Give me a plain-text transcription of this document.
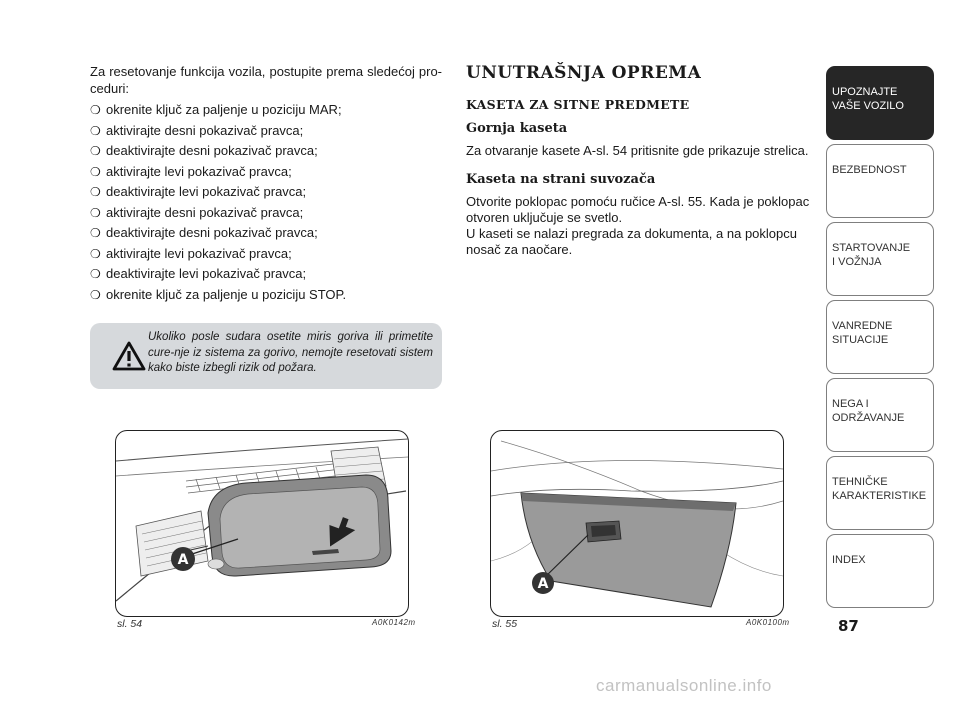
Za resetovanje funkcija vozila, postupite prema sledećoj pro-ceduri:

❍ okrenite ključ za paljenje u poziciju MAR;
❍ aktivirajte desni pokazivač pravca;
❍ deaktivirajte desni pokazivač pravca;
❍ aktivirajte levi pokazivač pravca;
❍ deaktivirajte levi pokazivač pravca;
❍ aktivirajte desni pokazivač pravca;
❍ deaktivirajte desni pokazivač pravca;
❍ aktivirajte levi pokazivač pravca;
❍ deaktivirajte levi pokazivač pravca;
❍ okrenite ključ za paljenje u poziciju STOP.
Ukoliko posle sudara osetite miris goriva ili primetite cure-nje iz sistema za gorivo, nemojte resetovati sistem kako biste izbegli rizik od požara.
UNUTRAŠNJA OPREMA
KASETA ZA SITNE PREDMETE
Gornja kaseta
Za otvaranje kasete A-sl. 54 pritisnite gde prikazuje strelica.
Kaseta na strani suvozača
Otvorite poklopac pomoću ručice A-sl. 55. Kada je poklopac otvoren uključuje se svetlo.
U kaseti se nalazi pregrada za dokumenta, a na poklopcu nosač za naočare.
A
sl. 54	A0K0142m
A
sl. 55	A0K0100m
UPOZNAJTE
VAŠE VOZILO
BEZBEDNOST
STARTOVANJE
I VOŽNJA
VANREDNE
SITUACIJE
NEGA I
ODRŽAVANJE
TEHNIČKE
KARAKTERISTIKE
INDEX
87
carmanualsonline.info
